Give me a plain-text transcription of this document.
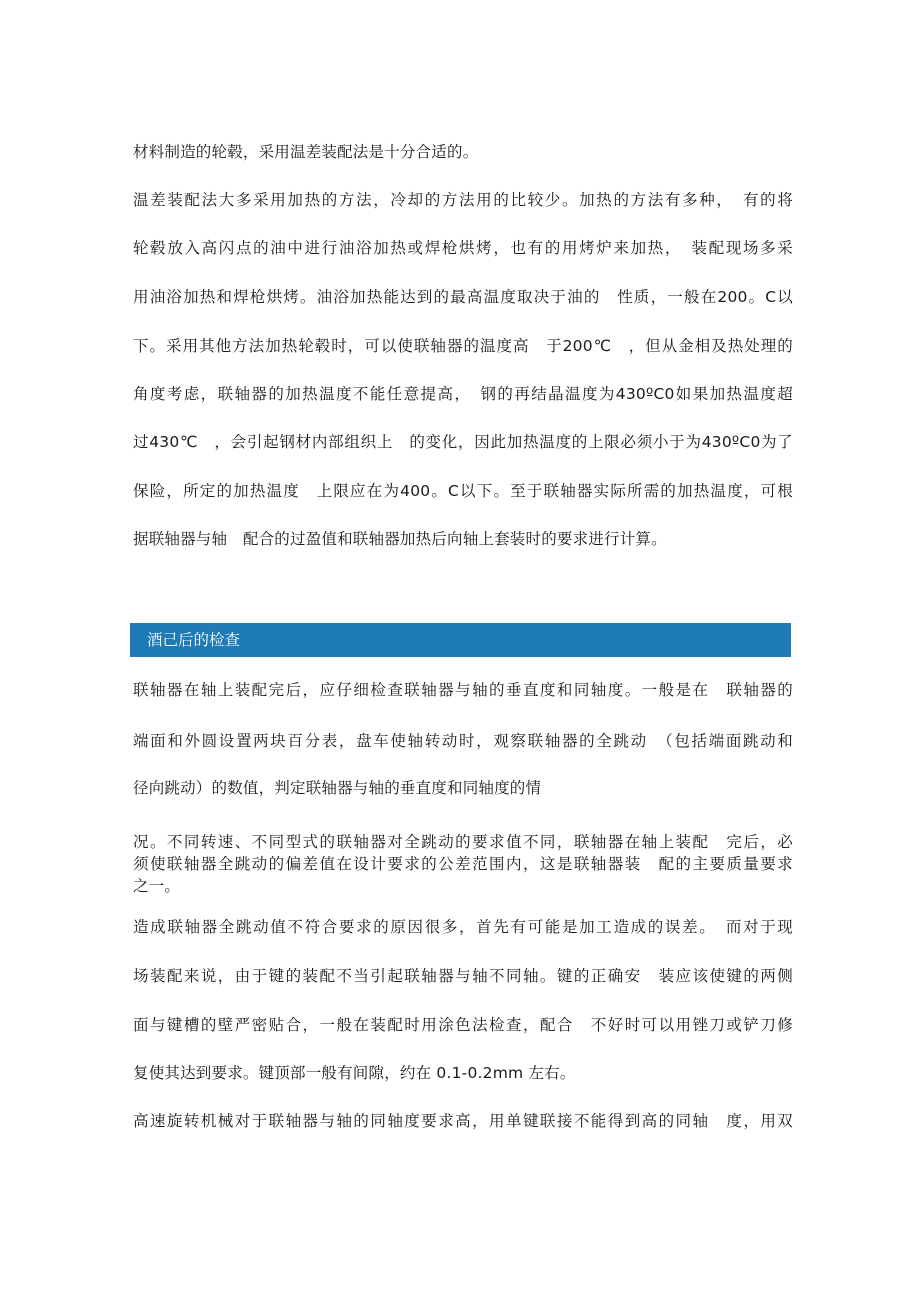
材料制造的轮毂，采用温差装配法是十分合适的。
温差装配法大多采用加热的方法，冷却的方法用的比较少。加热的方法有多种，　有的将
轮毂放入高闪点的油中进行油浴加热或焊枪烘烤，也有的用烤炉来加热，　装配现场多采
用油浴加热和焊枪烘烤。油浴加热能达到的最高温度取决于油的　性质，一般在200。C以
下。采用其他方法加热轮毂时，可以使联轴器的温度高　于200℃　，但从金相及热处理的
角度考虑，联轴器的加热温度不能任意提高，　钢的再结晶温度为430ºC0如果加热温度超
过430℃　，会引起钢材内部组织上　的变化，因此加热温度的上限必须小于为430ºC0为了
保险，所定的加热温度　上限应在为400。C以下。至于联轴器实际所需的加热温度，可根
据联轴器与轴　配合的过盈值和联轴器加热后向轴上套装时的要求进行计算。
酒己后的检查
联轴器在轴上装配完后，应仔细检查联轴器与轴的垂直度和同轴度。一般是在　联轴器的
端面和外圆设置两块百分表，盘车使轴转动时，观察联轴器的全跳动　（包括端面跳动和
径向跳动）的数值，判定联轴器与轴的垂直度和同轴度的情
况。不同转速、不同型式的联轴器对全跳动的要求值不同，联轴器在轴上装配　完后，必
须使联轴器全跳动的偏差值在设计要求的公差范围内，这是联轴器装　配的主要质量要求
之一。
造成联轴器全跳动值不符合要求的原因很多，首先有可能是加工造成的误差。　而对于现
场装配来说，由于键的装配不当引起联轴器与轴不同轴。键的正确安　装应该使键的两侧
面与键槽的壁严密贴合，一般在装配时用涂色法检查，配合　不好时可以用锉刀或铲刀修
复使其达到要求。键顶部一般有间隙，约在 0.1-0.2mm 左右。
高速旋转机械对于联轴器与轴的同轴度要求高，用单键联接不能得到高的同轴　度，用双
